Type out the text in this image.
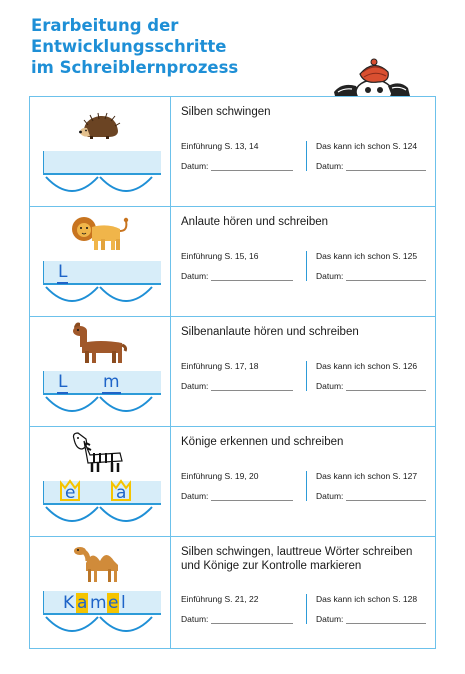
Erarbeitung der Entwicklungsschritte
im Schreiblernprozess

Silben schwingen

Einführung S. 13, 14
Datum:
Das kann ich schon S. 124
Datum:
L

Anlaute hören und schreiben

Einführung S. 15, 16
Datum:
Das kann ich schon S. 125
Datum:
L m

Silbenanlaute hören und schreiben

Einführung S. 17, 18
Datum:
Das kann ich schon S. 126
Datum:
e a

Könige erkennen und schreiben

Einführung S. 19, 20
Datum:
Das kann ich schon S. 127
Datum:
K a m e l

Silben schwingen, lauttreue Wörter schreiben
und Könige zur Kontrolle markieren

Einführung S. 21, 22
Datum:
Das kann ich schon S. 128
Datum:
